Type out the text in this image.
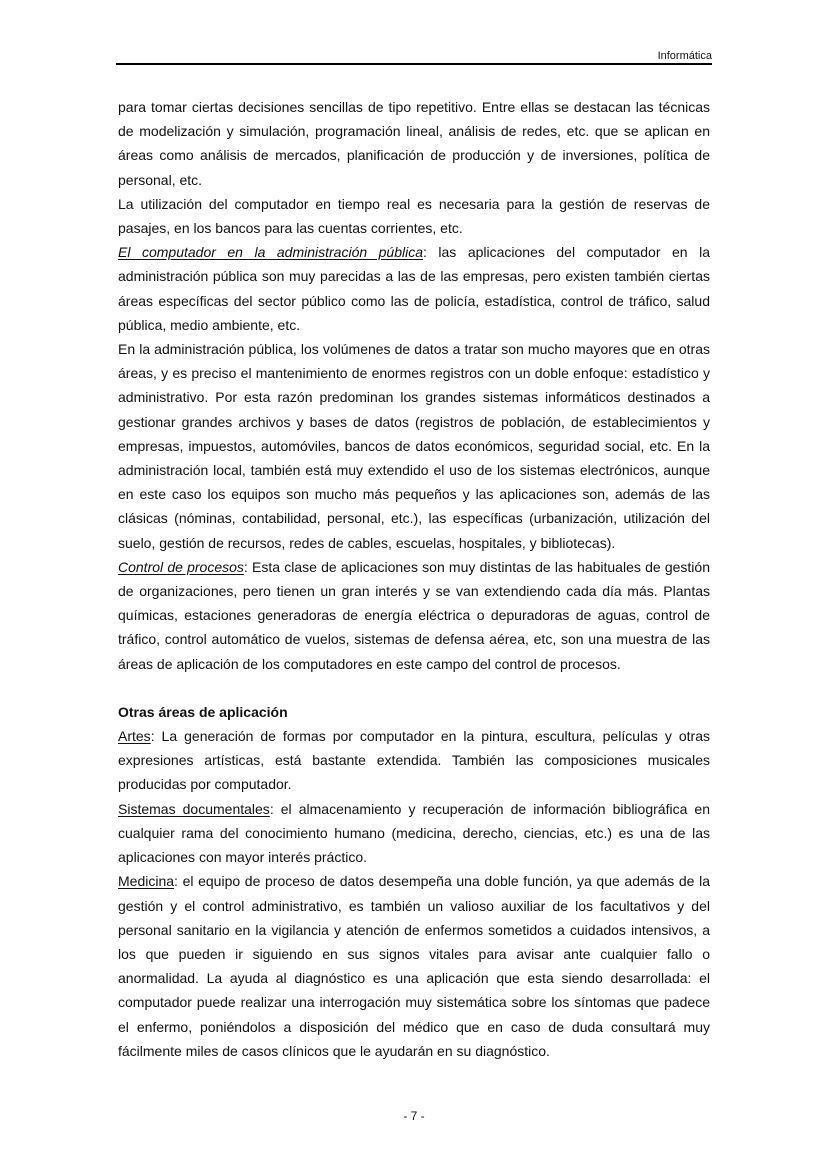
Informática

para tomar ciertas decisiones sencillas de tipo repetitivo. Entre ellas se destacan las técnicas de modelización y simulación, programación lineal, análisis de redes, etc. que se aplican en áreas como análisis de mercados, planificación de producción y de inversiones, política de personal, etc.

La utilización del computador en tiempo real es necesaria para la gestión de reservas de pasajes, en los bancos para las cuentas corrientes, etc.

El computador en la administración pública: las aplicaciones del computador en la administración pública son muy parecidas a las de las empresas, pero existen también ciertas áreas específicas del sector público como las de policía, estadística, control de tráfico, salud pública, medio ambiente, etc.

En la administración pública, los volúmenes de datos a tratar son mucho mayores que en otras áreas, y es preciso el mantenimiento de enormes registros con un doble enfoque: estadístico y administrativo. Por esta razón predominan los grandes sistemas informáticos destinados a gestionar grandes archivos y bases de datos (registros de población, de establecimientos y empresas, impuestos, automóviles, bancos de datos económicos, seguridad social, etc. En la administración local, también está muy extendido el uso de los sistemas electrónicos, aunque en este caso los equipos son mucho más pequeños y las aplicaciones son, además de las clásicas (nóminas, contabilidad, personal, etc.), las específicas (urbanización, utilización del suelo, gestión de recursos, redes de cables, escuelas, hospitales, y bibliotecas).

Control de procesos: Esta clase de aplicaciones son muy distintas de las habituales de gestión de organizaciones, pero tienen un gran interés y se van extendiendo cada día más. Plantas químicas, estaciones generadoras de energía eléctrica o depuradoras de aguas, control de tráfico, control automático de vuelos, sistemas de defensa aérea, etc, son una muestra de las áreas de aplicación de los computadores en este campo del control de procesos.

Otras áreas de aplicación

Artes: La generación de formas por computador en la pintura, escultura, películas y otras expresiones artísticas, está bastante extendida. También las composiciones musicales producidas por computador.

Sistemas documentales: el almacenamiento y recuperación de información bibliográfica en cualquier rama del conocimiento humano (medicina, derecho, ciencias, etc.) es una de las aplicaciones con mayor interés práctico.

Medicina: el equipo de proceso de datos desempeña una doble función, ya que además de la gestión y el control administrativo, es también un valioso auxiliar de los facultativos y del personal sanitario en la vigilancia y atención de enfermos sometidos a cuidados intensivos, a los que pueden ir siguiendo en sus signos vitales para avisar ante cualquier fallo o anormalidad. La ayuda al diagnóstico es una aplicación que esta siendo desarrollada: el computador puede realizar una interrogación muy sistemática sobre los síntomas que padece el enfermo, poniéndolos a disposición del médico que en caso de duda consultará muy fácilmente miles de casos clínicos que le ayudarán en su diagnóstico.

- 7 -
